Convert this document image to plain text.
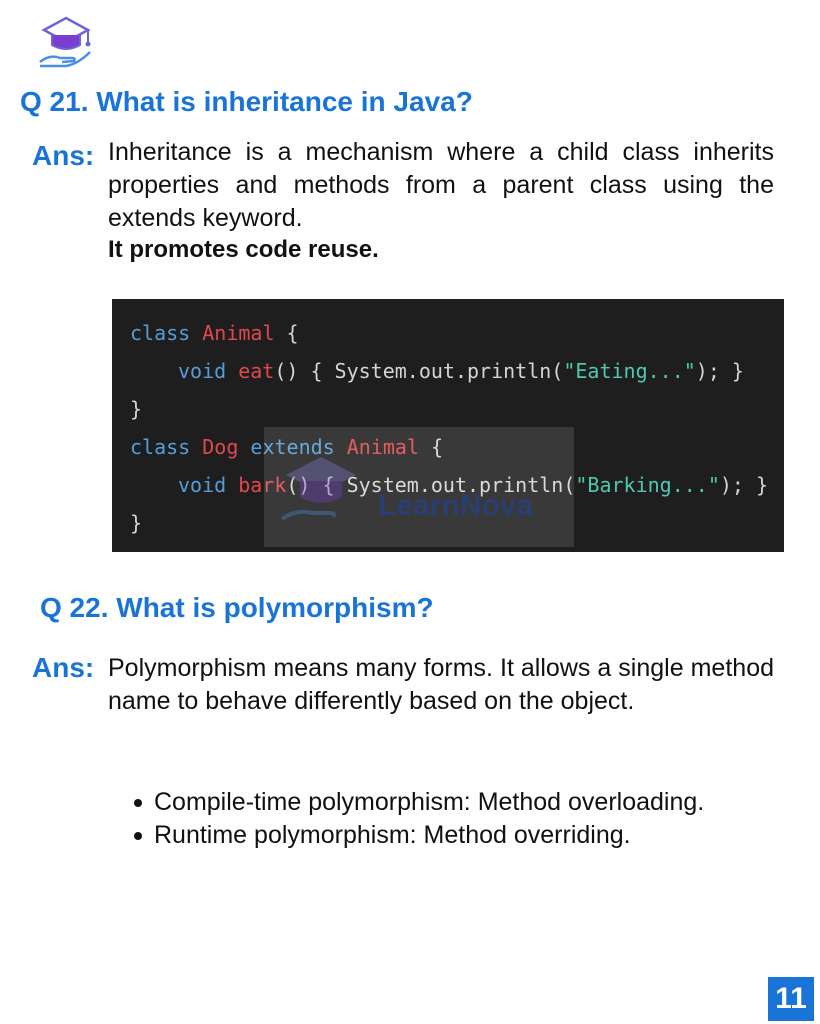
Q 21. What is inheritance in Java?
Ans: Inheritance is a mechanism where a child class inherits properties and methods from a parent class using the extends keyword.

It promotes code reuse.
class Animal {
void eat() { System.out.println("Eating..."); }
}
class Dog extends Animal {
void bark() { System.out.println("Barking..."); }
}
LearnNova
Q 22. What is polymorphism?
Ans: Polymorphism means many forms. It allows a single method name to behave differently based on the object.

Compile-time polymorphism: Method overloading.
Runtime polymorphism: Method overriding.
11
